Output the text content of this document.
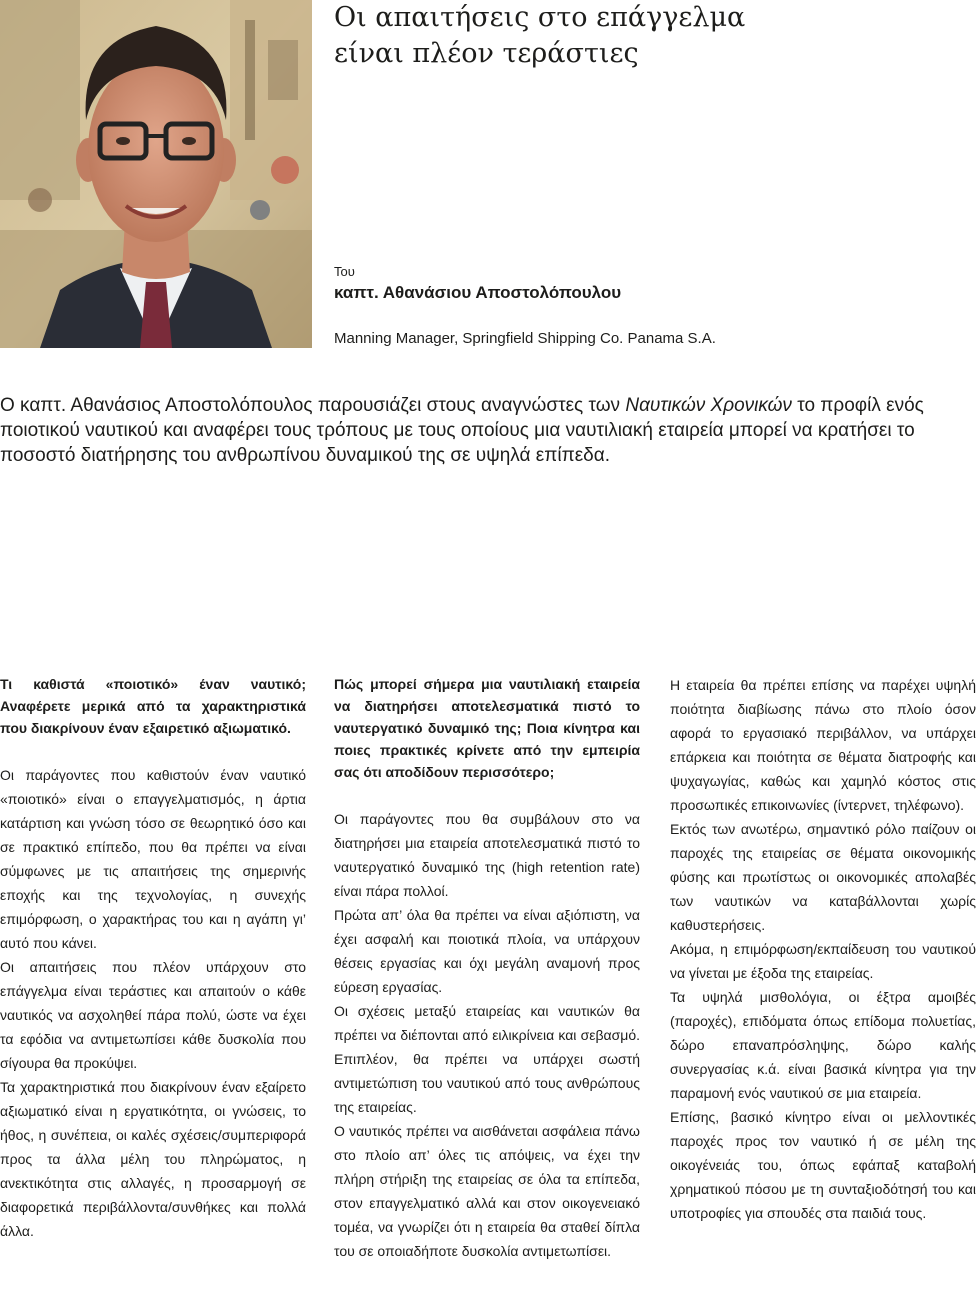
Οι απαιτήσεις στο επάγγελμα
είναι πλέον τεράστιες
Του
καπτ. Αθανάσιου Αποστολόπουλου
Manning Manager, Springfield Shipping Co. Panama S.A.

Ο καπτ. Αθανάσιος Αποστολόπουλος παρουσιάζει στους αναγνώστες των Ναυτικών Χρονικών το προφίλ ενός ποιοτικού ναυτικού και αναφέρει τους τρόπους με τους οποίους μια ναυτιλιακή εταιρεία μπορεί να κρατήσει το ποσοστό διατήρησης του ανθρωπίνου δυναμικού της σε υψηλά επίπεδα.

Τι καθιστά «ποιοτικό» έναν ναυτικό; Αναφέρετε μερικά από τα χαρακτηριστικά που διακρίνουν έναν εξαιρετικό αξιωματικό.

Οι παράγοντες που καθιστούν έναν ναυτικό «ποιοτικό» είναι ο επαγγελματισμός, η άρτια κατάρτιση και γνώση τόσο σε θεωρητικό όσο και σε πρακτικό επίπεδο, που θα πρέπει να είναι σύμφωνες με τις απαιτήσεις της σημερινής εποχής και της τεχνολογίας, η συνεχής επιμόρφωση, ο χαρακτήρας του και η αγάπη γι’ αυτό που κάνει.

Οι απαιτήσεις που πλέον υπάρχουν στο επάγγελμα είναι τεράστιες και απαιτούν ο κάθε ναυτικός να ασχοληθεί πάρα πολύ, ώστε να έχει τα εφόδια να αντιμετωπίσει κάθε δυσκολία που σίγουρα θα προκύψει.

Τα χαρακτηριστικά που διακρίνουν έναν εξαίρετο αξιωματικό είναι η εργατικότητα, οι γνώσεις, το ήθος, η συνέπεια, οι καλές σχέσεις/συμπεριφορά προς τα άλλα μέλη του πληρώματος, η ανεκτικότητα στις αλλαγές, η προσαρμογή σε διαφορετικά περιβάλλοντα/συνθήκες και πολλά άλλα.

Πώς μπορεί σήμερα μια ναυτιλιακή εταιρεία να διατηρήσει αποτελεσματικά πιστό το ναυτεργατικό δυναμικό της; Ποια κίνητρα και ποιες πρακτικές κρίνετε από την εμπειρία σας ότι αποδίδουν περισσότερο;

Οι παράγοντες που θα συμβάλουν στο να διατηρήσει μια εταιρεία αποτελεσματικά πιστό το ναυτεργατικό δυναμικό της (high retention rate) είναι πάρα πολλοί.

Πρώτα απ’ όλα θα πρέπει να είναι αξιόπιστη, να έχει ασφαλή και ποιοτικά πλοία, να υπάρχουν θέσεις εργασίας και όχι μεγάλη αναμονή προς εύρεση εργασίας.

Οι σχέσεις μεταξύ εταιρείας και ναυτικών θα πρέπει να διέπονται από ειλικρίνεια και σεβασμό. Επιπλέον, θα πρέπει να υπάρχει σωστή αντιμετώπιση του ναυτικού από τους ανθρώπους της εταιρείας.

Ο ναυτικός πρέπει να αισθάνεται ασφάλεια πάνω στο πλοίο απ’ όλες τις απόψεις, να έχει την πλήρη στήριξη της εταιρείας σε όλα τα επίπεδα, στον επαγγελματικό αλλά και στον οικογενειακό τομέα, να γνωρίζει ότι η εταιρεία θα σταθεί δίπλα του σε οποιαδήποτε δυσκολία αντιμετωπίσει.

Η εταιρεία θα πρέπει επίσης να παρέχει υψηλή ποιότητα διαβίωσης πάνω στο πλοίο όσον αφορά το εργασιακό περιβάλλον, να υπάρχει επάρκεια και ποιότητα σε θέματα διατροφής και ψυχαγωγίας, καθώς και χαμηλό κόστος στις προσωπικές επικοινωνίες (ίντερνετ, τηλέφωνο).

Εκτός των ανωτέρω, σημαντικό ρόλο παίζουν οι παροχές της εταιρείας σε θέματα οικονομικής φύσης και πρωτίστως οι οικονομικές απολαβές των ναυτικών να καταβάλλονται χωρίς καθυστερήσεις.

Ακόμα, η επιμόρφωση/εκπαίδευση του ναυτικού να γίνεται με έξοδα της εταιρείας.

Τα υψηλά μισθολόγια, οι έξτρα αμοιβές (παροχές), επιδόματα όπως επίδομα πολυετίας, δώρο επαναπρόσληψης, δώρο καλής συνεργασίας κ.ά. είναι βασικά κίνητρα για την παραμονή ενός ναυτικού σε μια εταιρεία.

Επίσης, βασικό κίνητρο είναι οι μελλοντικές παροχές προς τον ναυτικό ή σε μέλη της οικογένειάς του, όπως εφάπαξ καταβολή χρηματικού πόσου με τη συνταξιοδότησή του και υποτροφίες για σπουδές στα παιδιά τους.
